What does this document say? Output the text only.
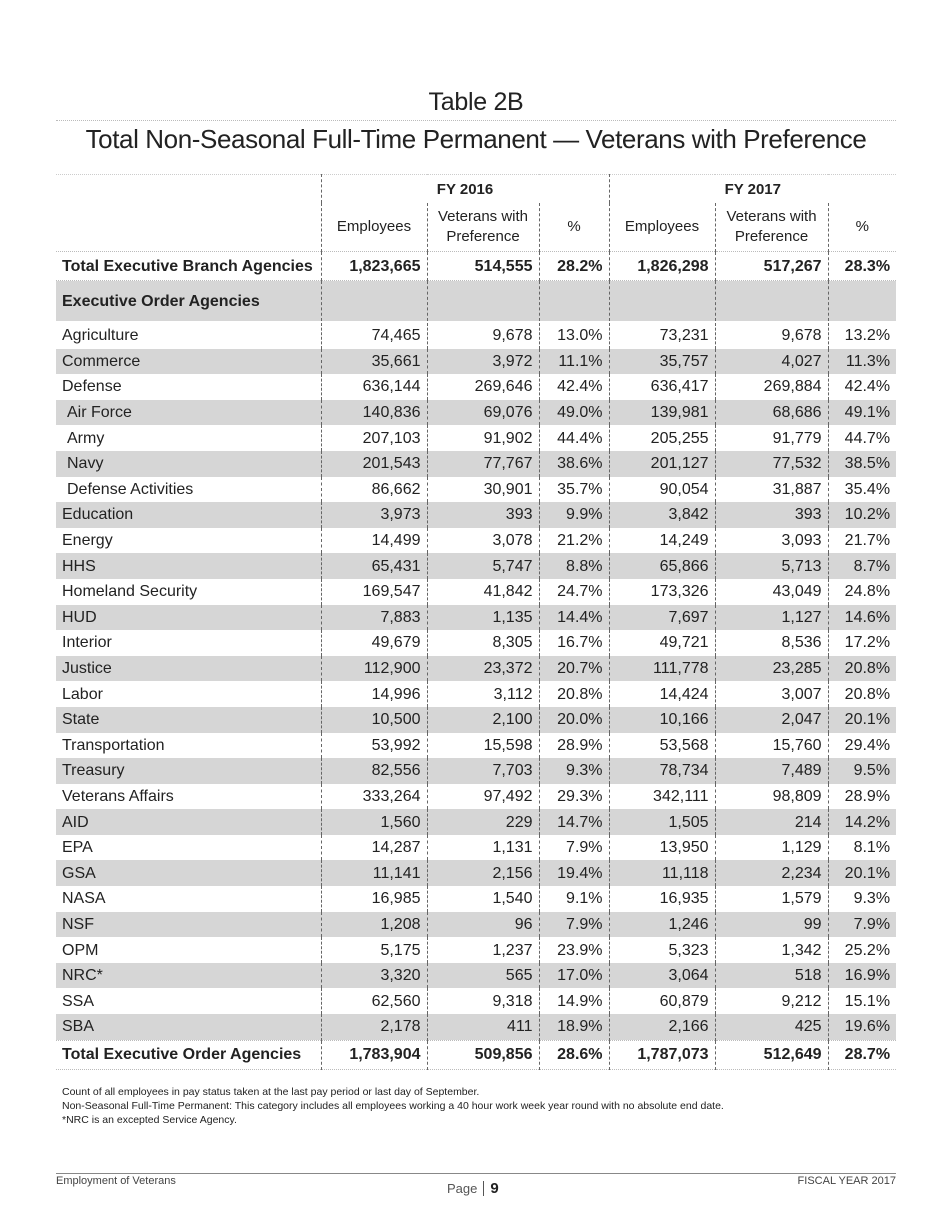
Table 2B
Total Non-Seasonal Full-Time Permanent — Veterans with Preference
	FY 2016			FY 2017		
	Employees	Veterans with Preference	%	Employees	Veterans with Preference	%
Total Executive Branch Agencies	1,823,665	514,555	28.2%	1,826,298	517,267	28.3%
Executive Order Agencies						

Agriculture	74,465	9,678	13.0%	73,231	9,678	13.2%
Commerce	35,661	3,972	11.1%	35,757	4,027	11.3%
Defense	636,144	269,646	42.4%	636,417	269,884	42.4%
Air Force	140,836	69,076	49.0%	139,981	68,686	49.1%
Army	207,103	91,902	44.4%	205,255	91,779	44.7%
Navy	201,543	77,767	38.6%	201,127	77,532	38.5%
Defense Activities	86,662	30,901	35.7%	90,054	31,887	35.4%
Education	3,973	393	9.9%	3,842	393	10.2%
Energy	14,499	3,078	21.2%	14,249	3,093	21.7%
HHS	65,431	5,747	8.8%	65,866	5,713	8.7%
Homeland Security	169,547	41,842	24.7%	173,326	43,049	24.8%
HUD	7,883	1,135	14.4%	7,697	1,127	14.6%
Interior	49,679	8,305	16.7%	49,721	8,536	17.2%
Justice	112,900	23,372	20.7%	111,778	23,285	20.8%
Labor	14,996	3,112	20.8%	14,424	3,007	20.8%
State	10,500	2,100	20.0%	10,166	2,047	20.1%
Transportation	53,992	15,598	28.9%	53,568	15,760	29.4%
Treasury	82,556	7,703	9.3%	78,734	7,489	9.5%
Veterans Affairs	333,264	97,492	29.3%	342,111	98,809	28.9%
AID	1,560	229	14.7%	1,505	214	14.2%
EPA	14,287	1,131	7.9%	13,950	1,129	8.1%
GSA	11,141	2,156	19.4%	11,118	2,234	20.1%
NASA	16,985	1,540	9.1%	16,935	1,579	9.3%
NSF	1,208	96	7.9%	1,246	99	7.9%
OPM	5,175	1,237	23.9%	5,323	1,342	25.2%
NRC*	3,320	565	17.0%	3,064	518	16.9%
SSA	62,560	9,318	14.9%	60,879	9,212	15.1%
SBA	2,178	411	18.9%	2,166	425	19.6%
Total Executive Order Agencies	1,783,904	509,856	28.6%	1,787,073	512,649	28.7%
Count of all employees in pay status taken at the last pay period or last day of September.
Non-Seasonal Full-Time Permanent: This category includes all employees working a 40 hour work week year round with no absolute end date.
*NRC is an excepted Service Agency.
Employment of Veterans	Page 9	FISCAL YEAR 2017
